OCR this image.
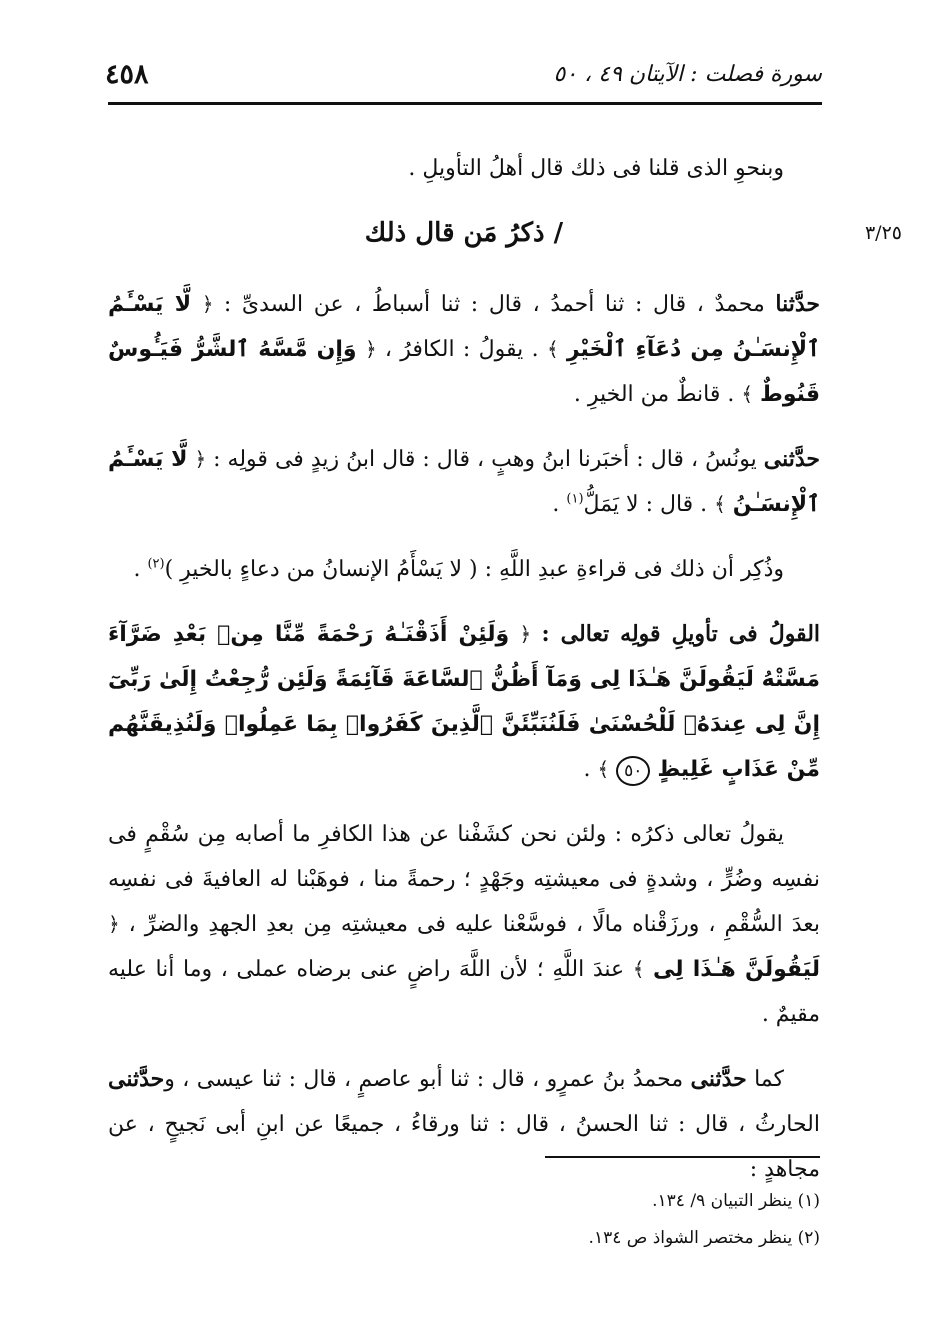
٤٥٨	سورة فصلت : الآيتان ٤٩ ، ٥٠
٣/٢٥

وبنحوِ الذى قلنا فى ذلك قال أهلُ التأويلِ .

/ ذكرُ مَن قال ذلك

حدَّثنا محمدٌ ، قال : ثنا أحمدُ ، قال : ثنا أسباطُ ، عن السدىِّ : ﴿ لَّا يَسْـَٔمُ ٱلْإِنسَـٰنُ مِن دُعَآءِ ٱلْخَيْرِ ﴾ . يقولُ : الكافرُ ، ﴿ وَإِن مَّسَّهُ ٱلشَّرُّ فَيَـُٔوسٌ قَنُوطٌ ﴾ . قانطٌ من الخيرِ .

حدَّثنى يونُسُ ، قال : أخبَرنا ابنُ وهبٍ ، قال : قال ابنُ زيدٍ فى قولِه : ﴿ لَّا يَسْـَٔمُ ٱلْإِنسَـٰنُ ﴾ . قال : لا يَمَلُّ$^{(١)}$ .

وذُكِر أن ذلك فى قراءةِ عبدِ اللَّهِ : ( لا يَسْأَمُ الإنسانُ من دعاءٍ بالخيرِ )$^{(٢)}$ .

القولُ فى تأويلِ قولِه تعالى : ﴿ وَلَئِنْ أَذَقْنَـٰهُ رَحْمَةً مِّنَّا مِنۢ بَعْدِ ضَرَّآءَ مَسَّتْهُ لَيَقُولَنَّ هَـٰذَا لِى وَمَآ أَظُنُّ ٱلسَّاعَةَ قَآئِمَةً وَلَئِن رُّجِعْتُ إِلَىٰ رَبِّىٓ إِنَّ لِى عِندَهُۥ لَلْحُسْنَىٰ فَلَنُنَبِّئَنَّ ٱلَّذِينَ كَفَرُوا۟ بِمَا عَمِلُوا۟ وَلَنُذِيقَنَّهُم مِّنْ عَذَابٍ غَلِيظٍ ٥٠ ﴾ .

يقولُ تعالى ذكرُه : ولئن نحن كشَفْنا عن هذا الكافرِ ما أصابه مِن سُقْمٍ فى نفسِه وضُرٍّ ، وشدةٍ فى معيشتِه وجَهْدٍ ؛ رحمةً منا ، فوهَبْنا له العافيةَ فى نفسِه بعدَ السُّقْمِ ، ورزَقْناه مالًا ، فوسَّعْنا عليه فى معيشتِه مِن بعدِ الجهدِ والضرِّ ، ﴿ لَيَقُولَنَّ هَـٰذَا لِى ﴾ عندَ اللَّهِ ؛ لأن اللَّهَ راضٍ عنى برضاه عملى ، وما أنا عليه مقيمٌ .

كما حدَّثنى محمدُ بنُ عمرٍو ، قال : ثنا أبو عاصمٍ ، قال : ثنا عيسى ، وحدَّثنى الحارثُ ، قال : ثنا الحسنُ ، قال : ثنا ورقاءُ ، جميعًا عن ابنِ أبى نَجيحٍ ، عن مجاهدٍ :

(١) ينظر التبيان ٩/ ١٣٤.

(٢) ينظر مختصر الشواذ ص ١٣٤.
